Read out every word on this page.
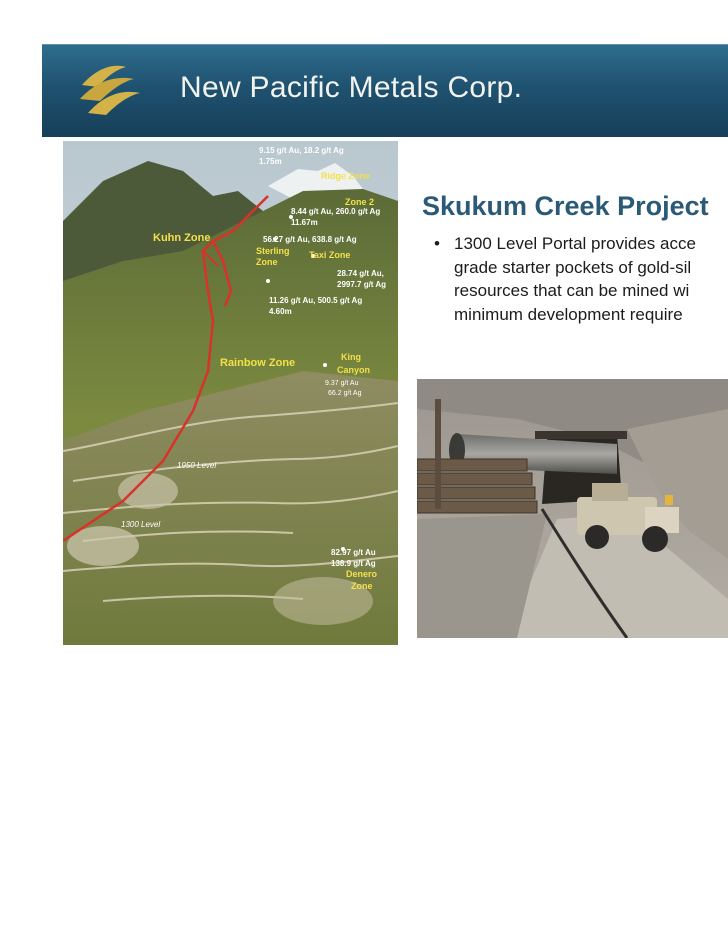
New Pacific Metals Corp.
9.15 g/t Au, 18.2 g/t Ag
1.75m
Ridge Zone
Zone 2
8.44 g/t Au, 260.0 g/t Ag
11.67m
Kuhn Zone	56.27 g/t Au, 638.8 g/t Ag
Sterling
Zone
Taxi Zone
28.74 g/t Au,
2997.7 g/t Ag
11.26 g/t Au, 500.5 g/t Ag
4.60m
Rainbow Zone	King
Canyon
9.37 g/t Au
66.2 g/t Ag
1950 Level
1300 Level
82.97 g/t Au
138.9 g/t Ag
Denero
Zone
Skukum Creek Project
• 1300 Level Portal provides acce
grade starter pockets of gold-sil
resources that can be mined wi
minimum development require
